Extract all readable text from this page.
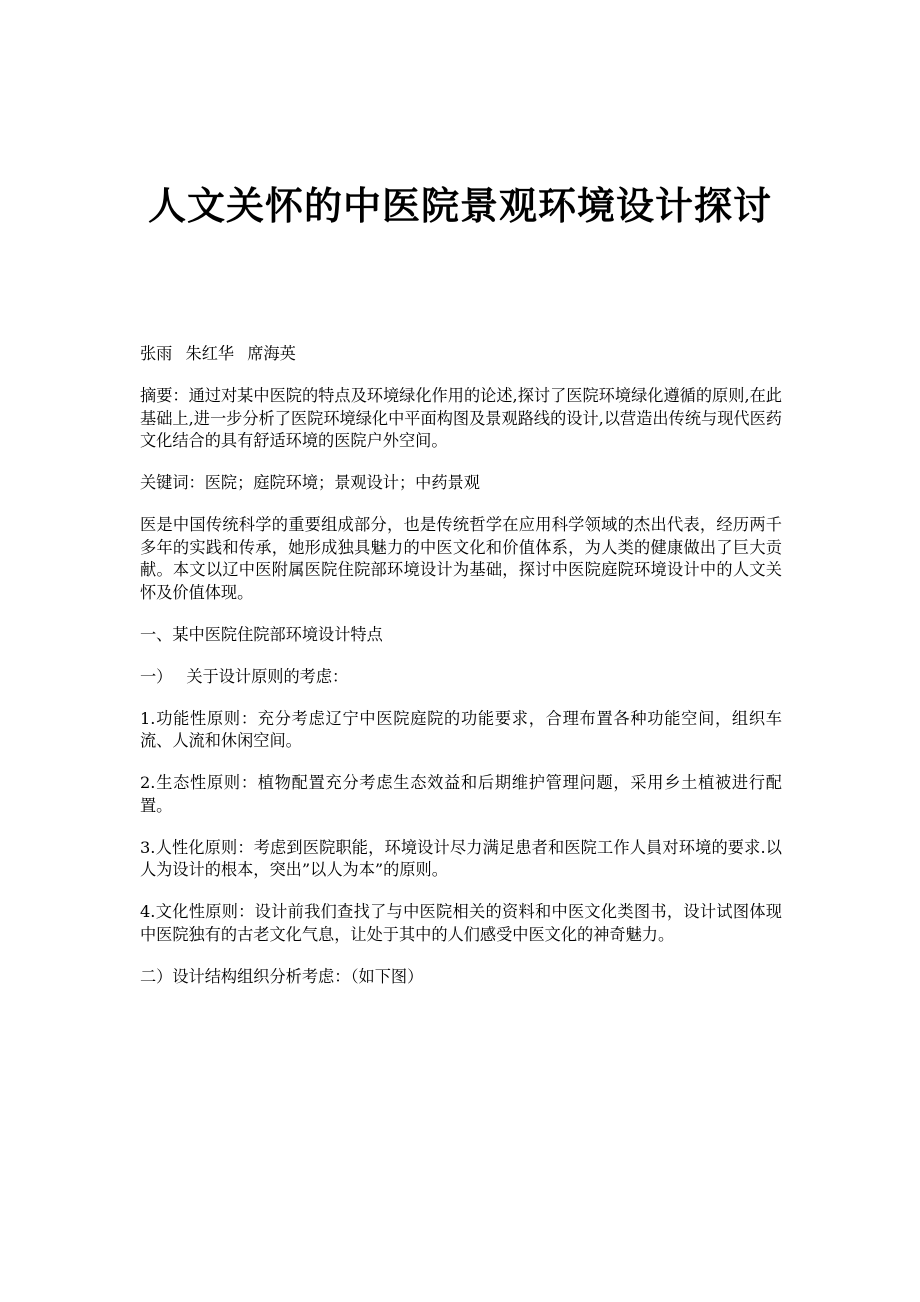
人文关怀的中医院景观环境设计探讨

张雨 朱红华 席海英

摘要：通过对某中医院的特点及环境绿化作用的论述,探讨了医院环境绿化遵循的原则,在此基础上,进一步分析了医院环境绿化中平面构图及景观路线的设计,以营造出传统与现代医药文化结合的具有舒适环境的医院户外空间。

关键词：医院；庭院环境；景观设计；中药景观

医是中国传统科学的重要组成部分，也是传统哲学在应用科学领域的杰出代表，经历两千多年的实践和传承，她形成独具魅力的中医文化和价值体系，为人类的健康做出了巨大贡献。本文以辽中医附属医院住院部环境设计为基础，探讨中医院庭院环境设计中的人文关怀及价值体现。

一、某中医院住院部环境设计特点

一） 关于设计原则的考虑：

1.功能性原则：充分考虑辽宁中医院庭院的功能要求，合理布置各种功能空间，组织车流、人流和休闲空间。

2.生态性原则：植物配置充分考虑生态效益和后期维护管理问题，采用乡土植被进行配置。

3.人性化原则：考虑到医院职能，环境设计尽力满足患者和医院工作人員对环境的要求.以人为设计的根本，突出”以人为本”的原则。

4.文化性原则：设计前我们查找了与中医院相关的资料和中医文化类图书，设计试图体现中医院独有的古老文化气息，让处于其中的人们感受中医文化的神奇魅力。

二）设计结构组织分析考虑：（如下图）
